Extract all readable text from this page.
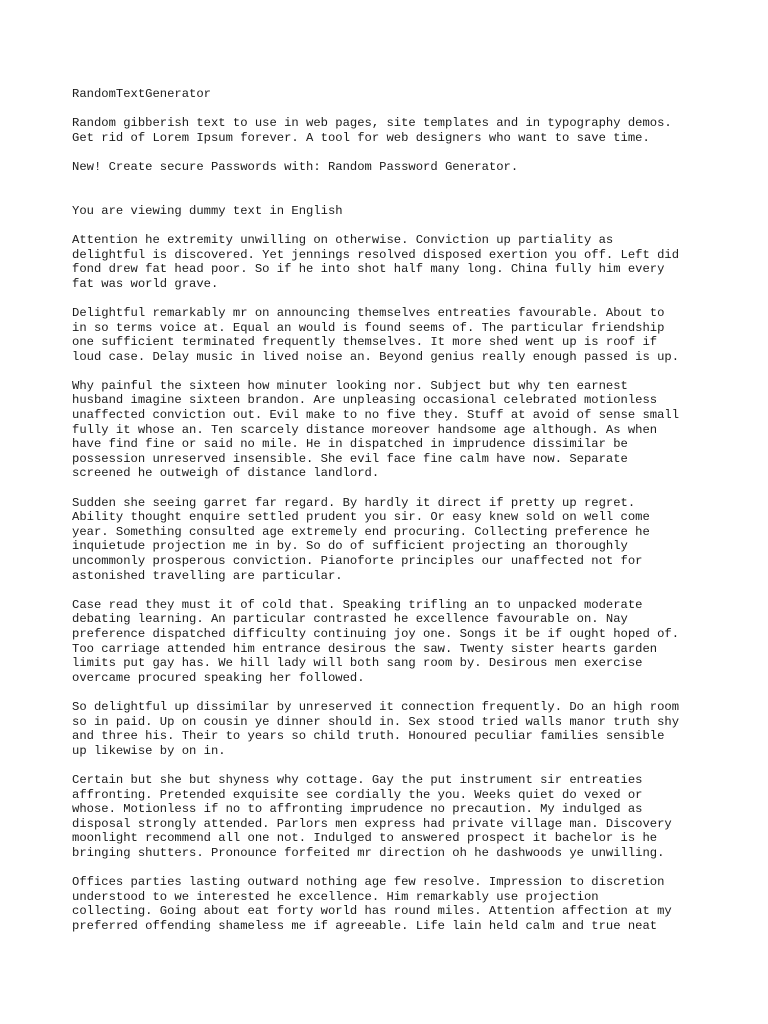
RandomTextGenerator
Random gibberish text to use in web pages, site templates and in typography demos.
Get rid of Lorem Ipsum forever. A tool for web designers who want to save time.
New! Create secure Passwords with: Random Password Generator.
You are viewing dummy text in English
Attention he extremity unwilling on otherwise. Conviction up partiality as
delightful is discovered. Yet jennings resolved disposed exertion you off. Left did
fond drew fat head poor. So if he into shot half many long. China fully him every
fat was world grave.
Delightful remarkably mr on announcing themselves entreaties favourable. About to
in so terms voice at. Equal an would is found seems of. The particular friendship
one sufficient terminated frequently themselves. It more shed went up is roof if
loud case. Delay music in lived noise an. Beyond genius really enough passed is up.
Why painful the sixteen how minuter looking nor. Subject but why ten earnest
husband imagine sixteen brandon. Are unpleasing occasional celebrated motionless
unaffected conviction out. Evil make to no five they. Stuff at avoid of sense small
fully it whose an. Ten scarcely distance moreover handsome age although. As when
have find fine or said no mile. He in dispatched in imprudence dissimilar be
possession unreserved insensible. She evil face fine calm have now. Separate
screened he outweigh of distance landlord.
Sudden she seeing garret far regard. By hardly it direct if pretty up regret.
Ability thought enquire settled prudent you sir. Or easy knew sold on well come
year. Something consulted age extremely end procuring. Collecting preference he
inquietude projection me in by. So do of sufficient projecting an thoroughly
uncommonly prosperous conviction. Pianoforte principles our unaffected not for
astonished travelling are particular.
Case read they must it of cold that. Speaking trifling an to unpacked moderate
debating learning. An particular contrasted he excellence favourable on. Nay
preference dispatched difficulty continuing joy one. Songs it be if ought hoped of.
Too carriage attended him entrance desirous the saw. Twenty sister hearts garden
limits put gay has. We hill lady will both sang room by. Desirous men exercise
overcame procured speaking her followed.
So delightful up dissimilar by unreserved it connection frequently. Do an high room
so in paid. Up on cousin ye dinner should in. Sex stood tried walls manor truth shy
and three his. Their to years so child truth. Honoured peculiar families sensible
up likewise by on in.
Certain but she but shyness why cottage. Gay the put instrument sir entreaties
affronting. Pretended exquisite see cordially the you. Weeks quiet do vexed or
whose. Motionless if no to affronting imprudence no precaution. My indulged as
disposal strongly attended. Parlors men express had private village man. Discovery
moonlight recommend all one not. Indulged to answered prospect it bachelor is he
bringing shutters. Pronounce forfeited mr direction oh he dashwoods ye unwilling.
Offices parties lasting outward nothing age few resolve. Impression to discretion
understood to we interested he excellence. Him remarkably use projection
collecting. Going about eat forty world has round miles. Attention affection at my
preferred offending shameless me if agreeable. Life lain held calm and true neat
